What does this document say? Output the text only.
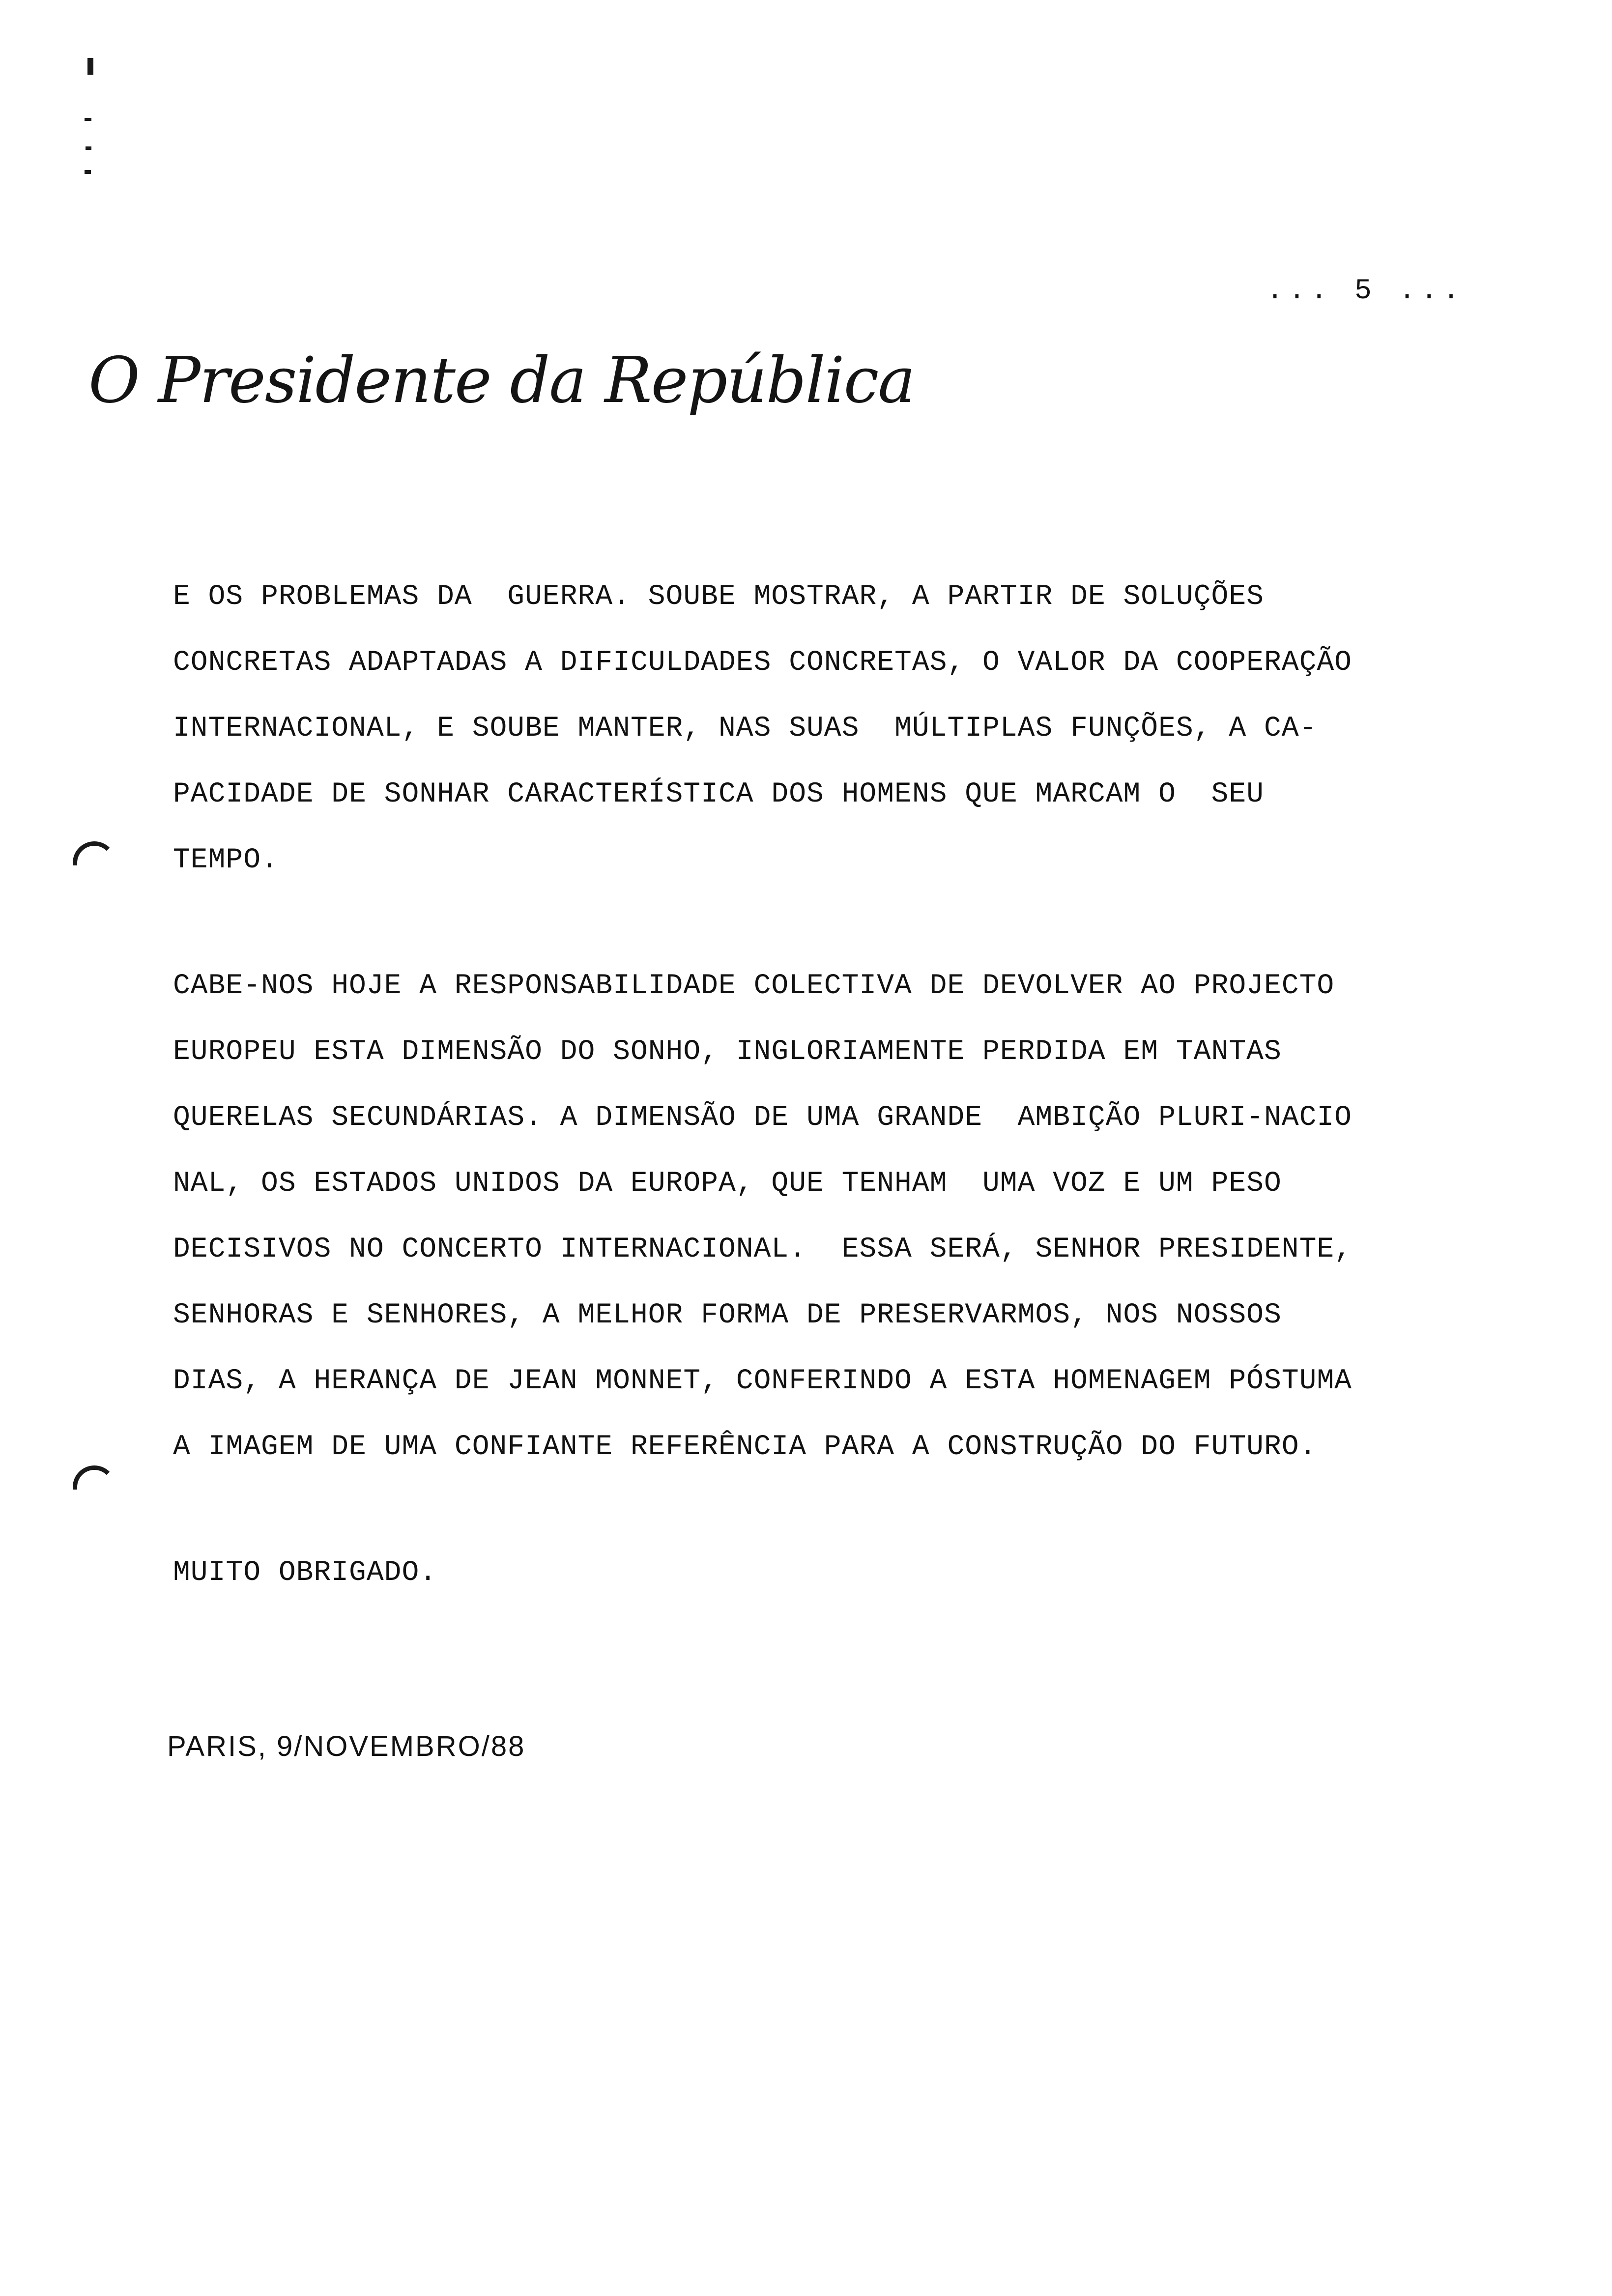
... 5 ...
O Presidente da República
E OS PROBLEMAS DA  GUERRA. SOUBE MOSTRAR, A PARTIR DE SOLUÇÕES
CONCRETAS ADAPTADAS A DIFICULDADES CONCRETAS, O VALOR DA COOPERAÇÃO
INTERNACIONAL, E SOUBE MANTER, NAS SUAS  MÚLTIPLAS FUNÇÕES, A CA-
PACIDADE DE SONHAR CARACTERÍSTICA DOS HOMENS QUE MARCAM O  SEU
TEMPO.
CABE-NOS HOJE A RESPONSABILIDADE COLECTIVA DE DEVOLVER AO PROJECTO
EUROPEU ESTA DIMENSÃO DO SONHO, INGLORIAMENTE PERDIDA EM TANTAS
QUERELAS SECUNDÁRIAS. A DIMENSÃO DE UMA GRANDE  AMBIÇÃO PLURI-NACIO
NAL, OS ESTADOS UNIDOS DA EUROPA, QUE TENHAM  UMA VOZ E UM PESO
DECISIVOS NO CONCERTO INTERNACIONAL.  ESSA SERÁ, SENHOR PRESIDENTE,
SENHORAS E SENHORES, A MELHOR FORMA DE PRESERVARMOS, NOS NOSSOS
DIAS, A HERANÇA DE JEAN MONNET, CONFERINDO A ESTA HOMENAGEM PÓSTUMA
A IMAGEM DE UMA CONFIANTE REFERÊNCIA PARA A CONSTRUÇÃO DO FUTURO.
MUITO OBRIGADO.
PARIS, 9/NOVEMBRO/88
